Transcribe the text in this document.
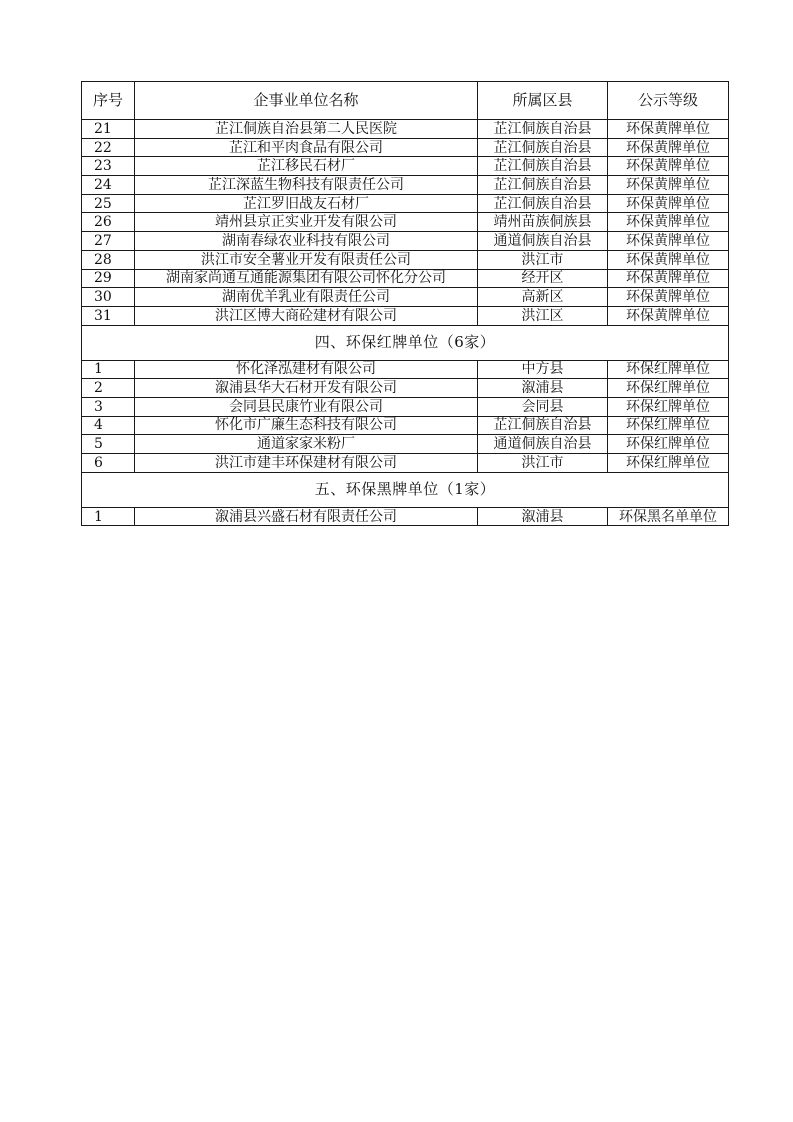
序号	企事业单位名称	所属区县	公示等级
21	芷江侗族自治县第二人民医院	芷江侗族自治县	环保黄牌单位
22	芷江和平肉食品有限公司	芷江侗族自治县	环保黄牌单位
23	芷江移民石材厂	芷江侗族自治县	环保黄牌单位
24	芷江深蓝生物科技有限责任公司	芷江侗族自治县	环保黄牌单位
25	芷江罗旧战友石材厂	芷江侗族自治县	环保黄牌单位
26	靖州县京正实业开发有限公司	靖州苗族侗族县	环保黄牌单位
27	湖南春绿农业科技有限公司	通道侗族自治县	环保黄牌单位
28	洪江市安全薯业开发有限责任公司	洪江市	环保黄牌单位
29	湖南家尚通互通能源集团有限公司怀化分公司	经开区	环保黄牌单位
30	湖南优羊乳业有限责任公司	高新区	环保黄牌单位
31	洪江区博大商砼建材有限公司	洪江区	环保黄牌单位
四、环保红牌单位（6家）			
1	怀化泽泓建材有限公司	中方县	环保红牌单位
2	溆浦县华大石材开发有限公司	溆浦县	环保红牌单位
3	会同县民康竹业有限公司	会同县	环保红牌单位
4	怀化市广廉生态科技有限公司	芷江侗族自治县	环保红牌单位
5	通道家家米粉厂	通道侗族自治县	环保红牌单位
6	洪江市建丰环保建材有限公司	洪江市	环保红牌单位
五、环保黑牌单位（1家）			
1	溆浦县兴盛石材有限责任公司	溆浦县	环保黑名单单位
